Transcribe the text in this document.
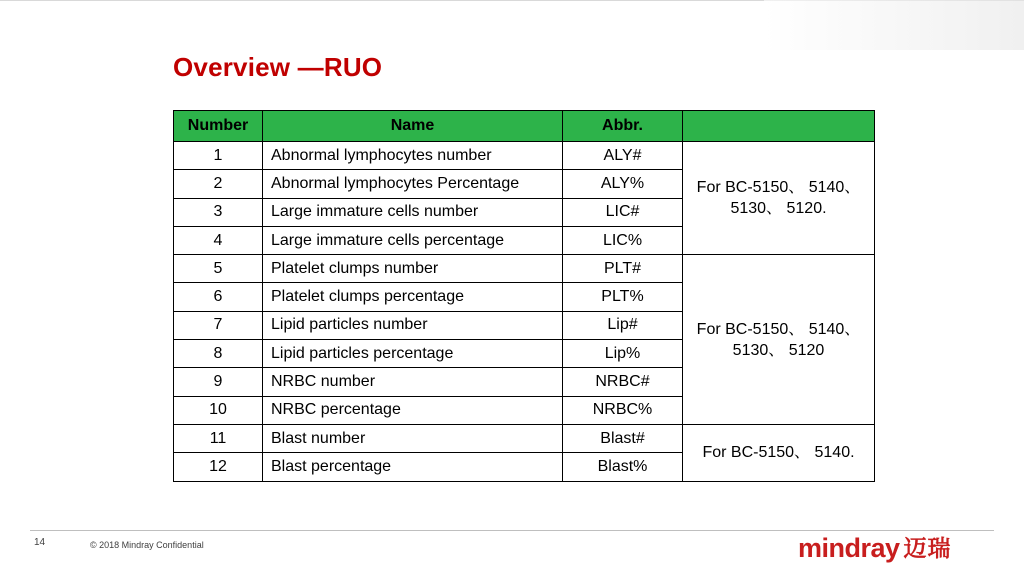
Overview —RUO
Number	Name	Abbr.	
1	Abnormal lymphocytes number	ALY#	For BC-5150、 5140、
5130、 5120.

2	Abnormal lymphocytes Percentage	ALY%	
3	Large immature cells number	LIC#	
4	Large immature cells percentage	LIC%	
5	Platelet clumps number	PLT#	For BC-5150、 5140、
5130、 5120

6	Platelet clumps percentage	PLT%	
7	Lipid particles number	Lip#	
8	Lipid particles percentage	Lip%	
9	NRBC number	NRBC#	
10	NRBC percentage	NRBC%	
11	Blast number	Blast#	For BC-5150、 5140.

12	Blast percentage	Blast%	
14	© 2018 Mindray Confidential	mindray 迈瑞
